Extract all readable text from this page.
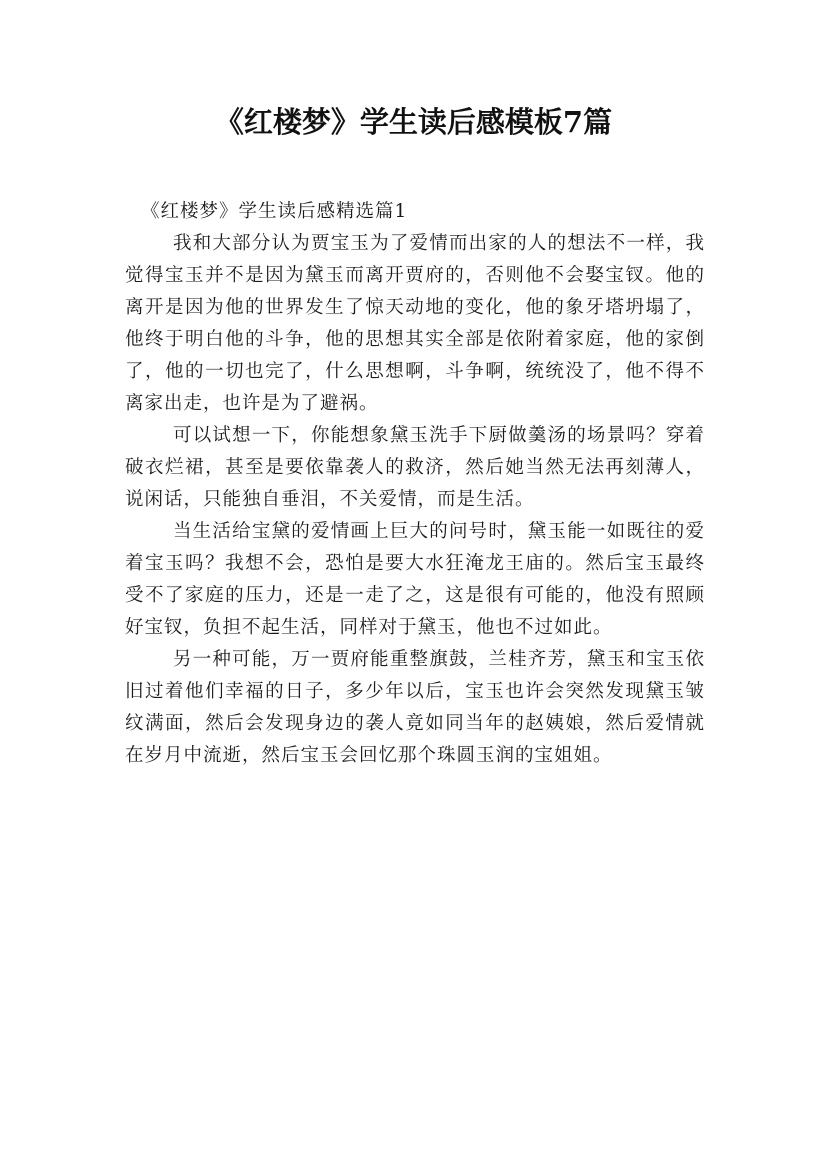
《红楼梦》学生读后感模板7篇

《红楼梦》学生读后感精选篇1

我和大部分认为贾宝玉为了爱情而出家的人的想法不一样，我觉得宝玉并不是因为黛玉而离开贾府的，否则他不会娶宝钗。他的离开是因为他的世界发生了惊天动地的变化，他的象牙塔坍塌了，他终于明白他的斗争，他的思想其实全部是依附着家庭，他的家倒了，他的一切也完了，什么思想啊，斗争啊，统统没了，他不得不离家出走，也许是为了避祸。

可以试想一下，你能想象黛玉洗手下厨做羹汤的场景吗？穿着破衣烂裙，甚至是要依靠袭人的救济，然后她当然无法再刻薄人，说闲话，只能独自垂泪，不关爱情，而是生活。

当生活给宝黛的爱情画上巨大的问号时，黛玉能一如既往的爱着宝玉吗？我想不会，恐怕是要大水狂淹龙王庙的。然后宝玉最终受不了家庭的压力，还是一走了之，这是很有可能的，他没有照顾好宝钗，负担不起生活，同样对于黛玉，他也不过如此。

另一种可能，万一贾府能重整旗鼓，兰桂齐芳，黛玉和宝玉依旧过着他们幸福的日子，多少年以后，宝玉也许会突然发现黛玉皱纹满面，然后会发现身边的袭人竟如同当年的赵姨娘，然后爱情就在岁月中流逝，然后宝玉会回忆那个珠圆玉润的宝姐姐。
